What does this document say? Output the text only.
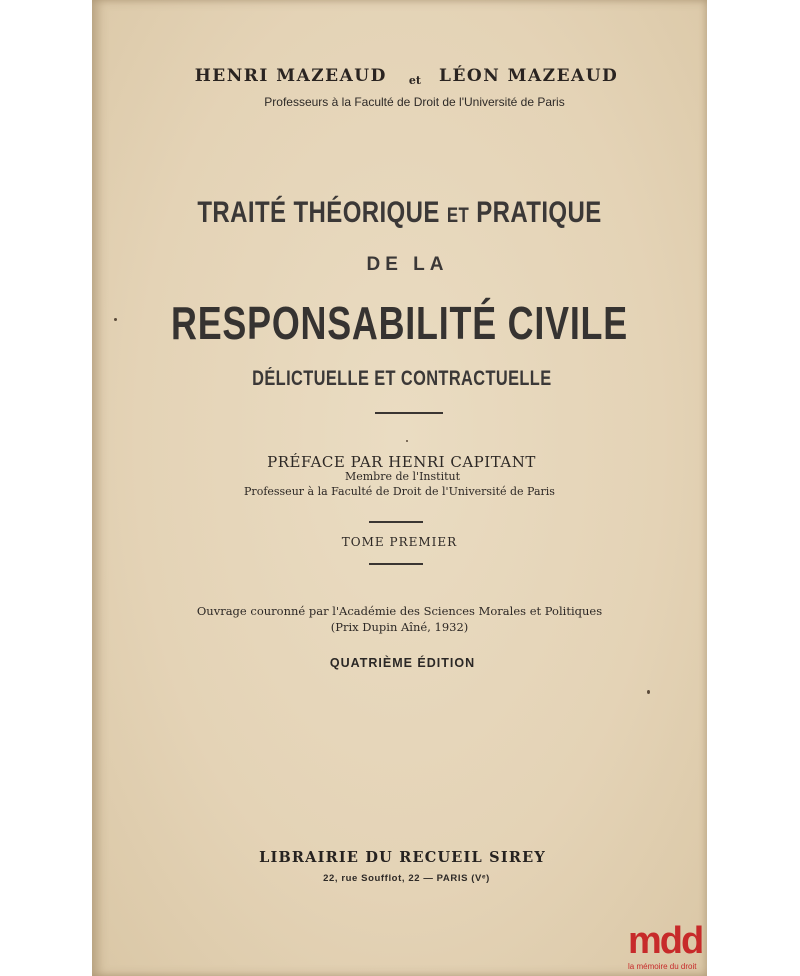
HENRI MAZEAUD et LÉON MAZEAUD
Professeurs à la Faculté de Droit de l'Université de Paris
TRAITÉ THÉORIQUE ET PRATIQUE
DE LA
RESPONSABILITÉ CIVILE
DÉLICTUELLE ET CONTRACTUELLE
PRÉFACE PAR HENRI CAPITANT
Membre de l'Institut
Professeur à la Faculté de Droit de l'Université de Paris
TOME PREMIER
Ouvrage couronné par l'Académie des Sciences Morales et Politiques
(Prix Dupin Aîné, 1932)
QUATRIÈME ÉDITION
LIBRAIRIE DU RECUEIL SIREY
22, rue Soufflot, 22 — PARIS (Vᵉ)
mdd
la mémoire du droit
